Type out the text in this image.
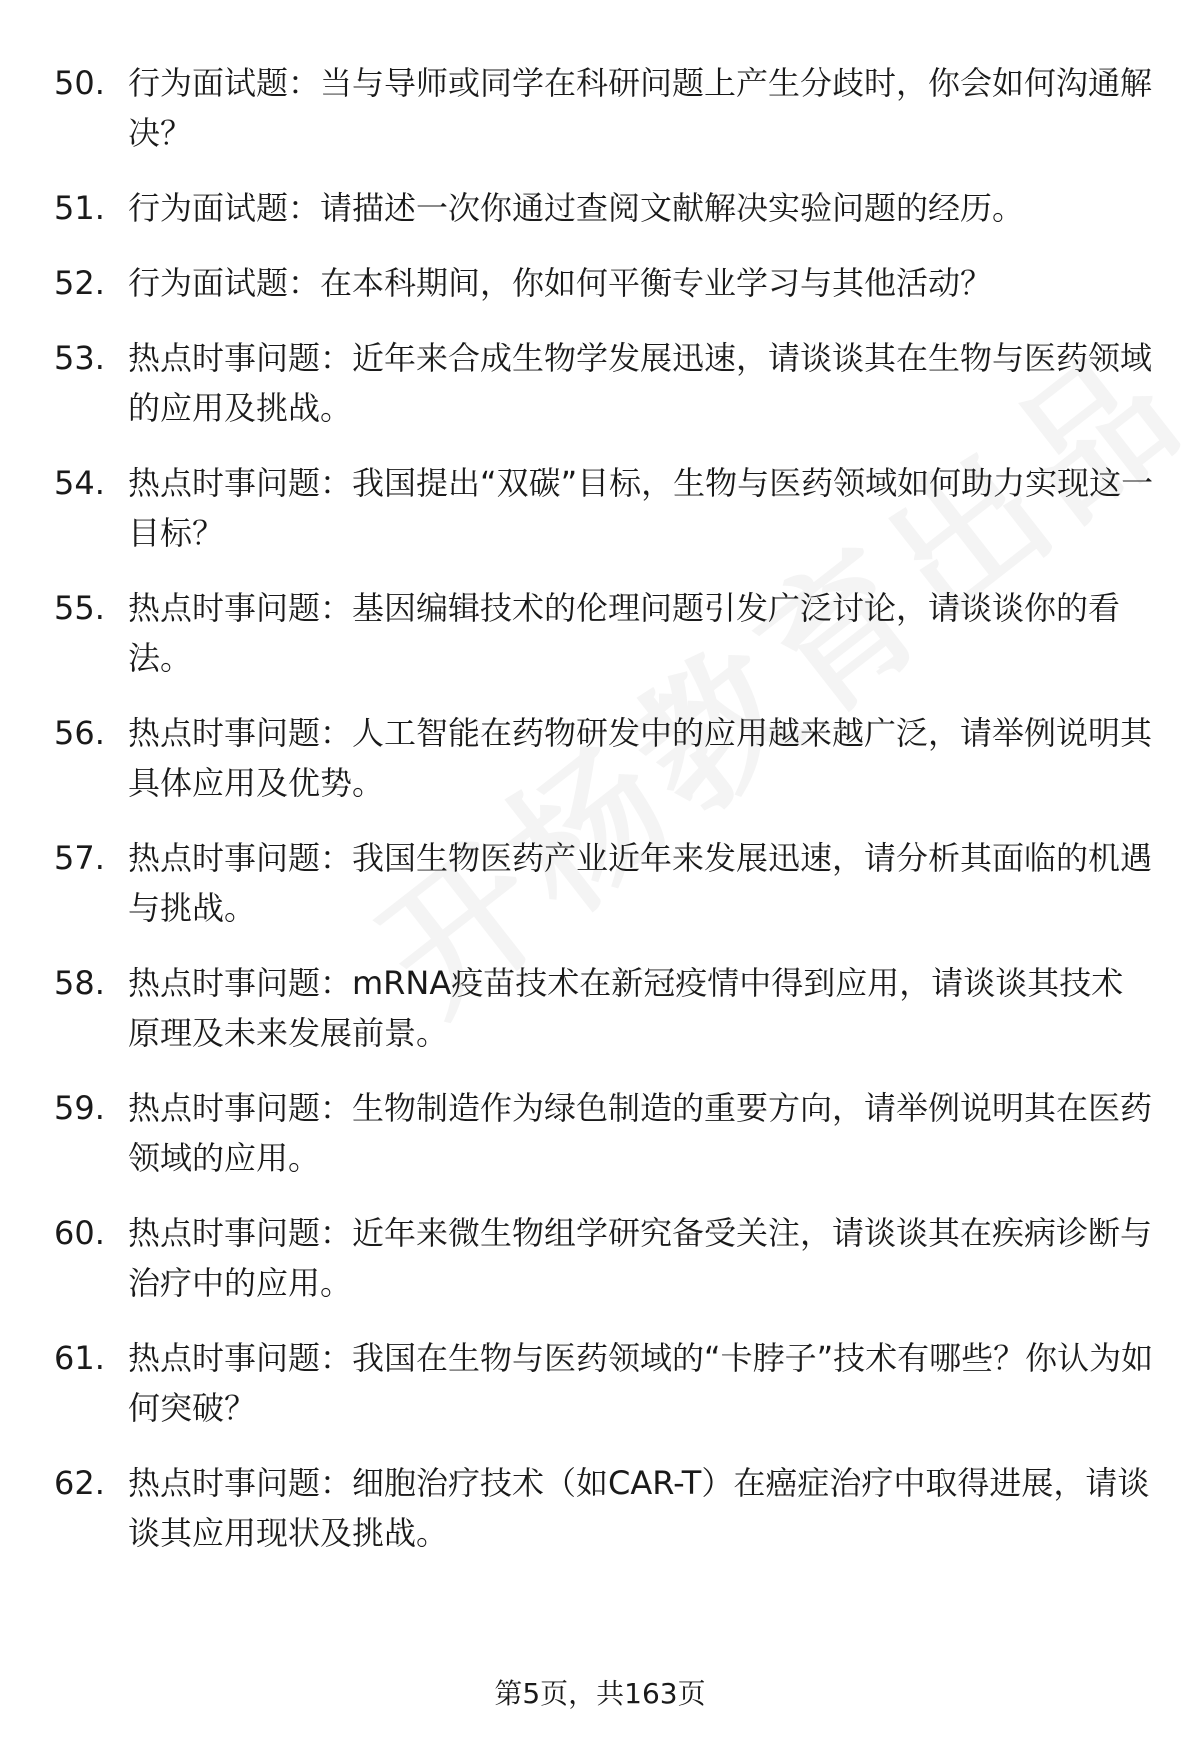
50. 行为面试题：当与导师或同学在科研问题上产生分歧时，你会如何沟通解决？
51. 行为面试题：请描述一次你通过查阅文献解决实验问题的经历。
52. 行为面试题：在本科期间，你如何平衡专业学习与其他活动？
53. 热点时事问题：近年来合成生物学发展迅速，请谈谈其在生物与医药领域的应用及挑战。
54. 热点时事问题：我国提出“双碳”目标，生物与医药领域如何助力实现这一目标？
55. 热点时事问题：基因编辑技术的伦理问题引发广泛讨论，请谈谈你的看法。
56. 热点时事问题：人工智能在药物研发中的应用越来越广泛，请举例说明其具体应用及优势。
57. 热点时事问题：我国生物医药产业近年来发展迅速，请分析其面临的机遇与挑战。
58. 热点时事问题：mRNA疫苗技术在新冠疫情中得到应用，请谈谈其技术原理及未来发展前景。
59. 热点时事问题：生物制造作为绿色制造的重要方向，请举例说明其在医药领域的应用。
60. 热点时事问题：近年来微生物组学研究备受关注，请谈谈其在疾病诊断与治疗中的应用。
61. 热点时事问题：我国在生物与医药领域的“卡脖子”技术有哪些？你认为如何突破？
62. 热点时事问题：细胞治疗技术（如CAR-T）在癌症治疗中取得进展，请谈谈其应用现状及挑战。
第5页，共163页
